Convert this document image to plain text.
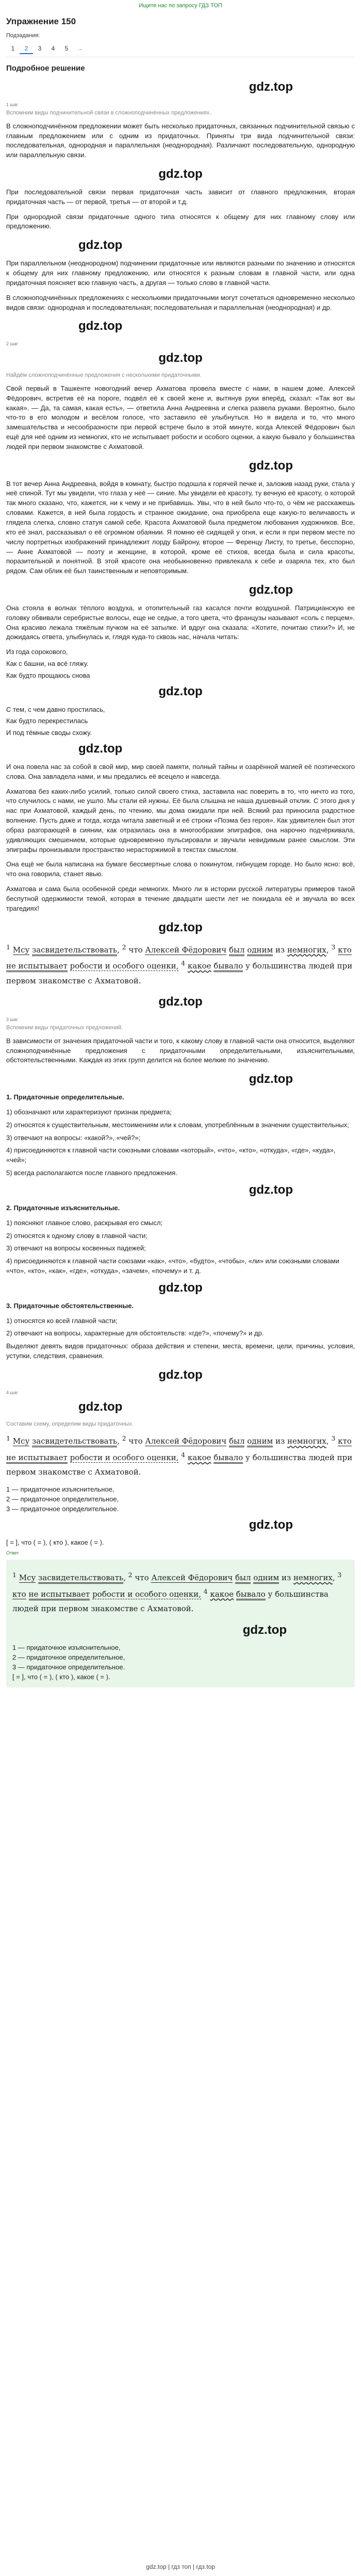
Ищите нас по запросу ГДЗ ТОП
Упражнение 150
Подзадания:
1	2	3	4	5	→
Подробное решение
gdz.top
1 шаг
Вспомним виды подчинительной связи в сложноподчинённых предложениях.

В сложноподчинённом предложении может быть несколько придаточных, связанных подчинительной связью с главным предложением или с одним из придаточных. Приняты три вида подчинительной связи: последовательная, однородная и параллельная (неоднородная). Различают последовательную, однородную или параллельную связи.

gdz.top

При последовательной связи первая придаточная часть зависит от главного предложения, вторая придаточная часть — от первой, третья — от второй и т.д.

При однородной связи придаточные одного типа относятся к общему для них главному слову или предложению.

gdz.top

При параллельном (неоднородном) подчинении придаточные или являются разными по значению и относятся к общему для них главному предложению, или относятся к разным словам в главной части, или одна придаточная поясняет всю главную часть, а другая — только слово в главной части.

В сложноподчинённых предложениях с несколькими придаточными могут сочетаться одновременно несколько видов связи: однородная и последовательная; последовательная и параллельная (неоднородная) и др.

gdz.top
2 шаг
gdz.top
Найдём сложноподчинённые предложения с несколькими придаточными.

Свой первый в Ташкенте новогодний вечер Ахматова провела вместе с нами, в нашем доме. Алексей Фёдорович, встретив её на пороге, подвёл её к своей жене и, вытянув руки вперёд, сказал: «Так вот вы какая». — Да, та самая, какая есть», — ответила Анна Андреевна и слегка развела руками. Вероятно, было что-то в его молодом и весёлом голосе, что заставило её улыбнуться. Но я видела и то, что много замешательства и несообразности при первой встрече было в этой минуте, когда Алексей Фёдорович был ещё для неё одним из немногих, кто не испытывает робости и особого оценки, а какую бывало у большинства людей при первом знакомстве с Ахматовой.

gdz.top

В тот вечер Анна Андреевна, войдя в комнату, быстро подошла к горячей печке и, заложив назад руки, стала у неё спиной. Тут мы увидели, что глаза у неё — синие. Мы увидели её красоту, ту вечную её красоту, о которой так много сказано, что, кажется, ни к чему и не прибавишь. Увы, что в ней было что-то, о чём не расскажешь словами. Кажется, в ней была гордость и странное ожидание, она приобрела еще какую-то величавость и глядела слегка, словно статуя самой себе. Красота Ахматовой была предметом любования художников. Все, кто её знал, рассказывал о её огромном обаянии. Я помню её сидящей у огня, и если я при первом месте по числу портретных изображений принадлежит лорду Байрону, второе — Ференцу Листу, то третье, бесспорно, — Анне Ахматовой — поэту и женщине, в которой, кроме её стихов, всегда была и сила красоты, поразительной и понятной. В этой красоте она необыкновенно привлекала к себе и озаряла тех, кто был рядом. Сам облик её был таинственным и неповторимым.

gdz.top

Она стояла в волнах тёплого воздуха, и отопительный газ касался почти воздушной. Патрицианскую ее головку обвивали серебристые волосы, еще не седые, а того цвета, что французы называют «соль с перцем». Она красиво лежала тяжёлым пучком на её затылке. И вдруг она сказала: «Хотите, почитаю стихи?» И, не дожидаясь ответа, улыбнулась и, глядя куда-то сквозь нас, начала читать:

Из года сорокового,
Как с башни, на всё гляжу.
Как будто прощаюсь снова
gdz.top
С тем, с чем давно простилась,
Как будто перекрестилась
И под тёмные своды схожу.
gdz.top

И она повела нас за собой в свой мир, мир своей памяти, полный тайны и озарённой магией её поэтического слова. Она завладела нами, и мы предались её всецело и навсегда.

Ахматова без каких-либо усилий, только силой своего стиха, заставила нас поверить в то, что ничто из того, что случилось с нами, не ушло. Мы стали ей нужны. Её была слышна не наша душевный отклик. С этого дня у нас при Ахматовой, каждый день, по чтению, мы дома ожидали при ней. Всякий раз приносила радостное волнение. Пусть даже и тогда, когда читала заветный и её строки «Поэма без героя». Как удивителен был этот образ разгорающей в сиянии, как отразилась она в многообразии эпиграфов, она нарочно подчёркивала, удивляющих смешением, которые одновременно пульсировали и звучали невидимым ранее смыслом. Эти эпиграфы пронизывали пространство нерасторжимой в текстах смыслом.

Она ещё не была написана на бумаге бессмертные слова о покинутом, гибнущем городе. Но было ясно: всё, что она говорила, станет явью.

Ахматова и сама была особенной среди немногих. Много ли в истории русской литературы примеров такой беспутной одержимости темой, которая в течение двадцати шести лет не покидала её и звучала во всех трагедиях!

gdz.top
$^1$ Мсу засвидетельствовать, $^2$ что Алексей Фёдорович был одним из немногих, $^3$ кто не испытывает робости и особого оценки, $^4$ какое бывало у большинства людей при первом знакомстве с Ахматовой.
gdz.top
3 шаг
Вспомним виды придаточных предложений.

В зависимости от значения придаточной части и того, к какому слову в главной части она относится, выделяют сложноподчинённые предложения с придаточными определительными, изъяснительными, обстоятельственными. Каждая из этих групп делится на более мелкие по значению.

gdz.top

1. Придаточные определительные.

1) обозначают или характеризуют признак предмета;
2) относятся к существительным, местоимениям или к словам, употреблённым в значении существительных;
3) отвечают на вопросы: «какой?», «чей?»;
4) присоединяются к главной части союзными словами «который», «что», «кто», «откуда», «где», «куда», «чей»;
5) всегда располагаются после главного предложения.
gdz.top

2. Придаточные изъяснительные.

1) поясняют главное слово, раскрывая его смысл;
2) относятся к одному слову в главной части;
3) отвечают на вопросы косвенных падежей;
4) присоединяются к главной части союзами «как», «что», «будто», «чтобы», «ли» или союзными словами «что», «кто», «как», «где», «откуда», «зачем», «почему» и т. д.
gdz.top

3. Придаточные обстоятельственные.

1) относятся ко всей главной части;
2) отвечают на вопросы, характерные для обстоятельств: «где?», «почему?» и др.

Выделяют девять видов придаточных: образа действия и степени, места, времени, цели, причины, условия, уступки, следствия, сравнения.

gdz.top
4 шаг
gdz.top
Составим схему, определим виды придаточных.
$^1$ Мсу засвидетельствовать, $^2$ что Алексей Фёдорович был одним из немногих, $^3$ кто не испытывает робости и особого оценки, $^4$ какое бывало у большинства людей при первом знакомстве с Ахматовой.
1 — придаточное изъяснительное,
2 — придаточное определительное,
3 — придаточное определительное.
gdz.top
[ = ], что ( = ), ( кто ), какое ( = ).
Ответ
$^1$ Мсу засвидетельствовать, $^2$ что Алексей Фёдорович был одним из немногих, $^3$ кто не испытывает робости и особого оценки, $^4$ какое бывало у большинства людей при первом знакомстве с Ахматовой.
gdz.top
1 — придаточное изъяснительное,
2 — придаточное определительное,
3 — придаточное определительное.
[ = ], что ( = ), ( кто ), какое ( = ).
gdz.top | гдз топ | гдз.top
